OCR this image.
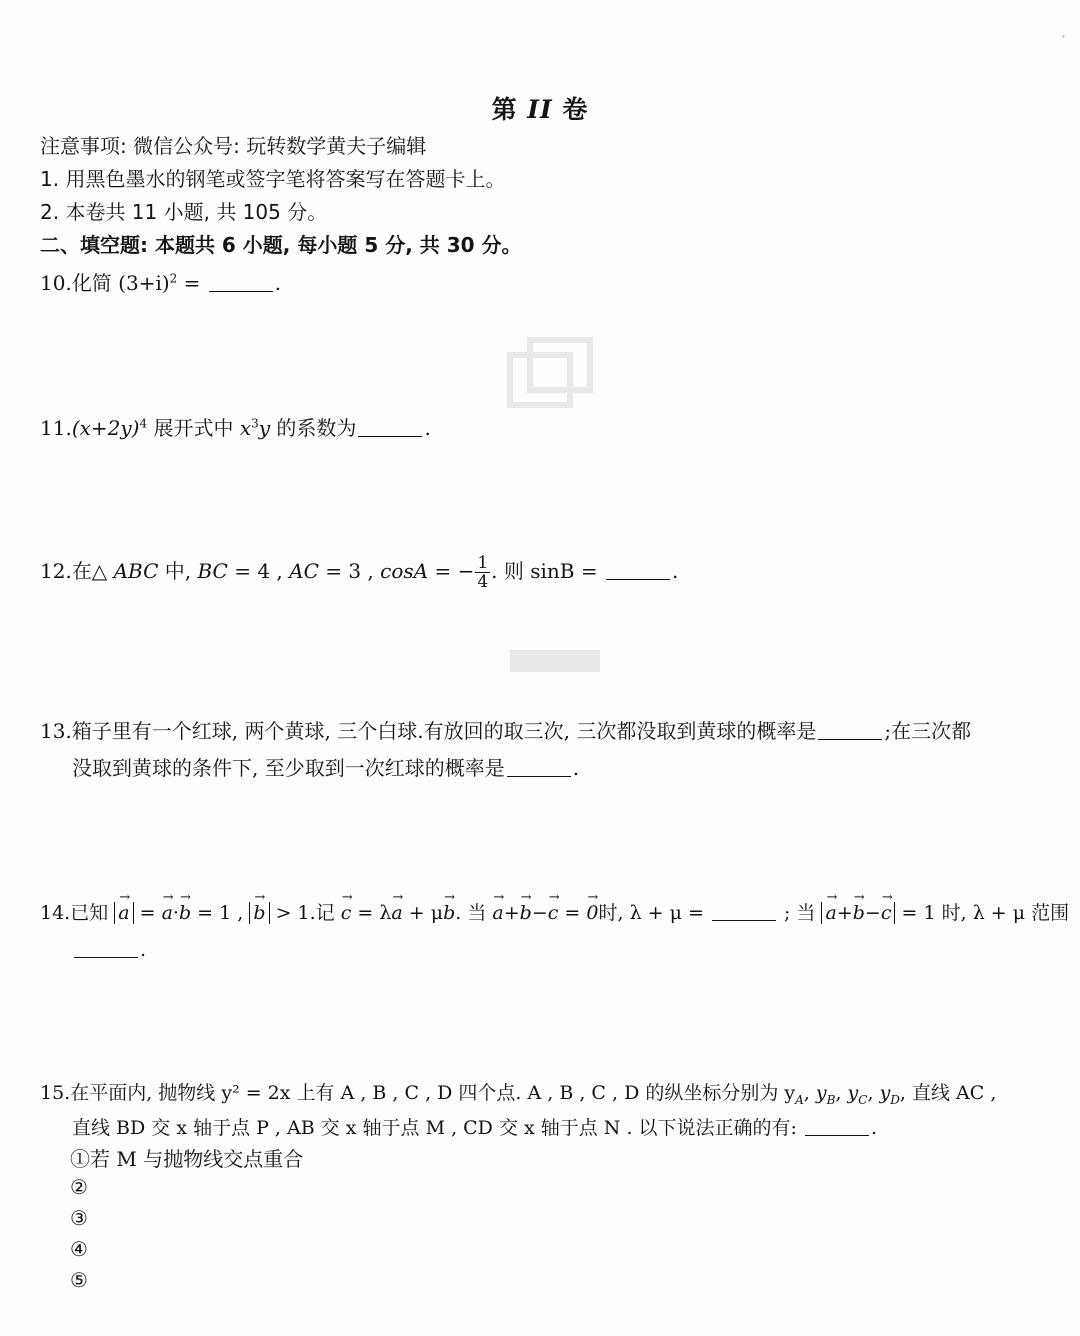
ˊ
第 II 卷
注意事项: 微信公众号: 玩转数学黄夫子编辑
1. 用黑色墨水的钢笔或签字笔将答案写在答题卡上。
2. 本卷共 11 小题, 共 105 分。
二、填空题: 本题共 6 小题, 每小题 5 分, 共 30 分。
10.化简 $(3+i)^2$ =	.
$11.(x+2y)^4$ 展开式中 $x^3y$ 的系数为	.
12.在△ ABC 中, BC = 4 , AC = 3 , cosA = − $\frac{1}{4}$ . 则 sinB =	.
13.箱子里有一个红球, 两个黄球, 三个白球.有放回的取三次, 三次都没取到黄球的概率是	;在三次都
没取到黄球的条件下, 至少取到一次红球的概率是	.
14.已知 → a = → a·→ b = 1 , → b > 1.记 → c = λ→ a + μ→ b. 当 → a+→ b−→ c = → 0时, λ + μ =	; 当 → a+→ b−→ c = 1 时, λ + μ 范围
.
15.在平面内, 抛物线 y² = 2x 上有 A , B , C , D 四个点. A , B , C , D 的纵坐标分别为 $y_A$, $y_B$, $y_C$, $y_D$, 直线 AC ,
直线 BD 交 x 轴于点 P , AB 交 x 轴于点 M , CD 交 x 轴于点 N . 以下说法正确的有:	.
①若 M 与抛物线交点重合
②
③
④
⑤
